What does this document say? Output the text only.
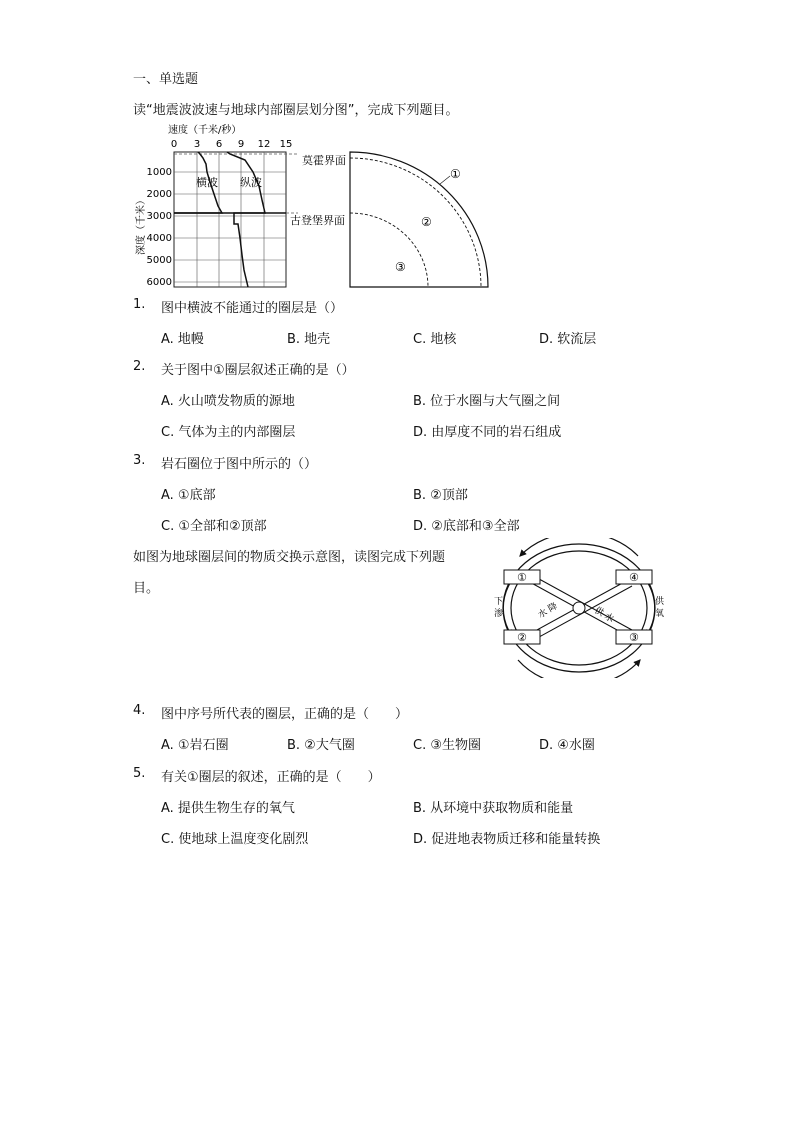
一、单选题
读“地震波波速与地球内部圈层划分图”，完成下列题目。
速度（千米/秒）
0 3 6 9 12 15
1000
2000
3000
4000
5000
6000
深度（千米）
横波 纵波
莫霍界面
古登堡界面
①
②
③
1. 图中横波不能通过的圈层是（）
A. 地幔	B. 地壳	C. 地核	D. 软流层
2. 关于图中①圈层叙述正确的是（）
A. 火山喷发物质的源地	B. 位于水圈与大气圈之间
C. 气体为主的内部圈层	D. 由厚度不同的岩石组成
3. 岩石圈位于图中所示的（）
A. ①底部	B. ②顶部
C. ①全部和②顶部	D. ②底部和③全部
如图为地球圈层间的物质交换示意图，读图完成下列题
目。
①
②	③
④
下
渗
供
氧
水
降	供
水
4. 图中序号所代表的圈层，正确的是（　　）
A. ①岩石圈	B. ②大气圈	C. ③生物圈	D. ④水圈
5. 有关①圈层的叙述，正确的是（　　）
A. 提供生物生存的氧气	B. 从环境中获取物质和能量
C. 使地球上温度变化剧烈	D. 促进地表物质迁移和能量转换
